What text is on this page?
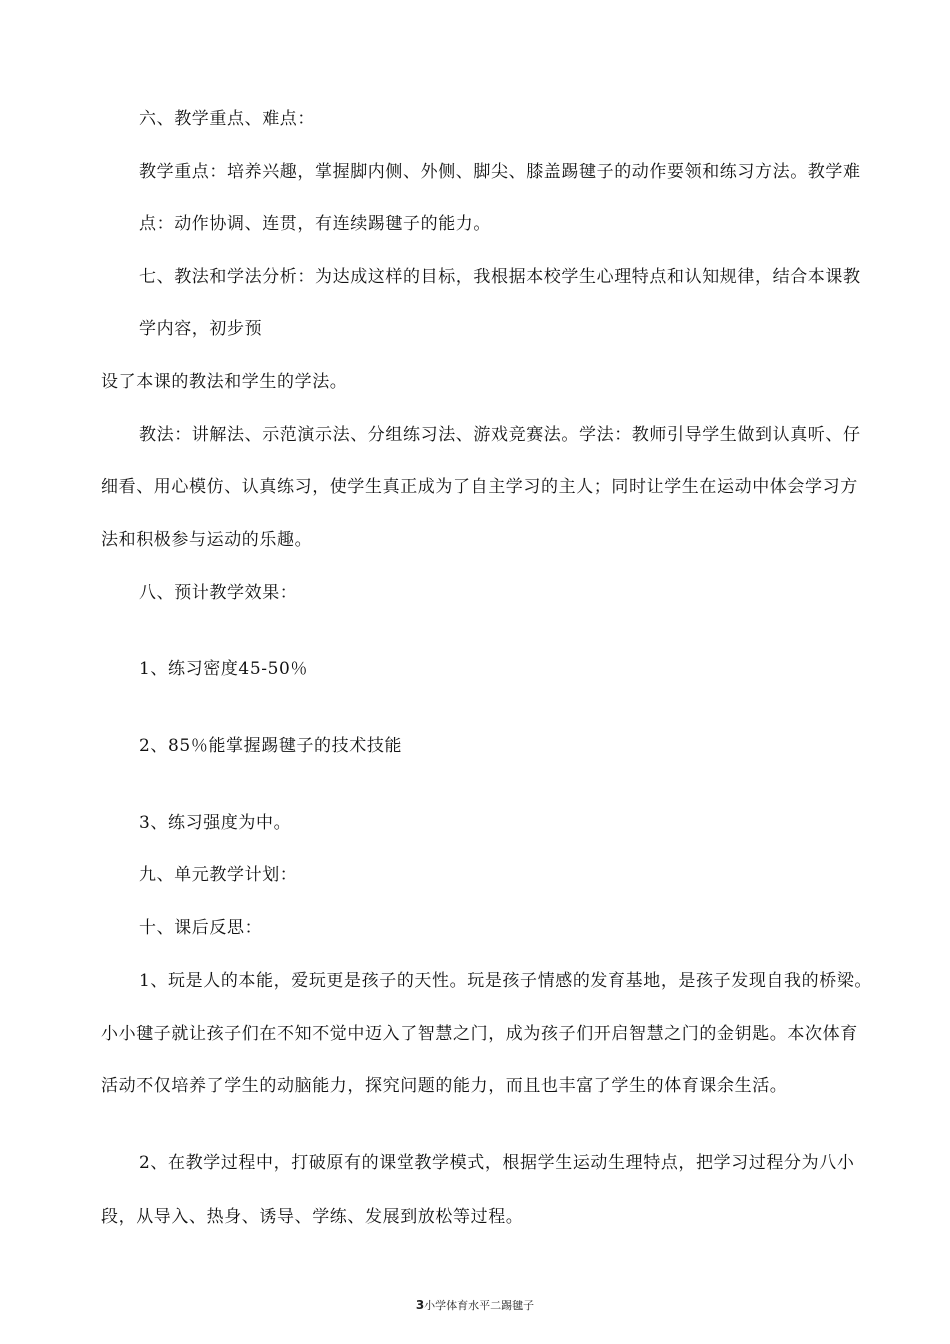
六、教学重点、难点：
教学重点：培养兴趣，掌握脚内侧、外侧、脚尖、膝盖踢毽子的动作要领和练习方法。教学难
点：动作协调、连贯，有连续踢毽子的能力。
七、教法和学法分析：为达成这样的目标，我根据本校学生心理特点和认知规律，结合本课教
学内容，初步预
设了本课的教法和学生的学法。
教法：讲解法、示范演示法、分组练习法、游戏竞赛法。学法：教师引导学生做到认真听、仔
细看、用心模仿、认真练习，使学生真正成为了自主学习的主人；同时让学生在运动中体会学习方
法和积极参与运动的乐趣。
八、预计教学效果：
1、练习密度45-50％
2、85％能掌握踢毽子的技术技能
3、练习强度为中。
九、单元教学计划：
十、课后反思：
1、玩是人的本能，爱玩更是孩子的天性。玩是孩子情感的发育基地，是孩子发现自我的桥梁。
小小毽子就让孩子们在不知不觉中迈入了智慧之门，成为孩子们开启智慧之门的金钥匙。本次体育
活动不仅培养了学生的动脑能力，探究问题的能力，而且也丰富了学生的体育课余生活。
2、在教学过程中，打破原有的课堂教学模式，根据学生运动生理特点，把学习过程分为八小
段，从导入、热身、诱导、学练、发展到放松等过程。
3小学体育水平二踢毽子
